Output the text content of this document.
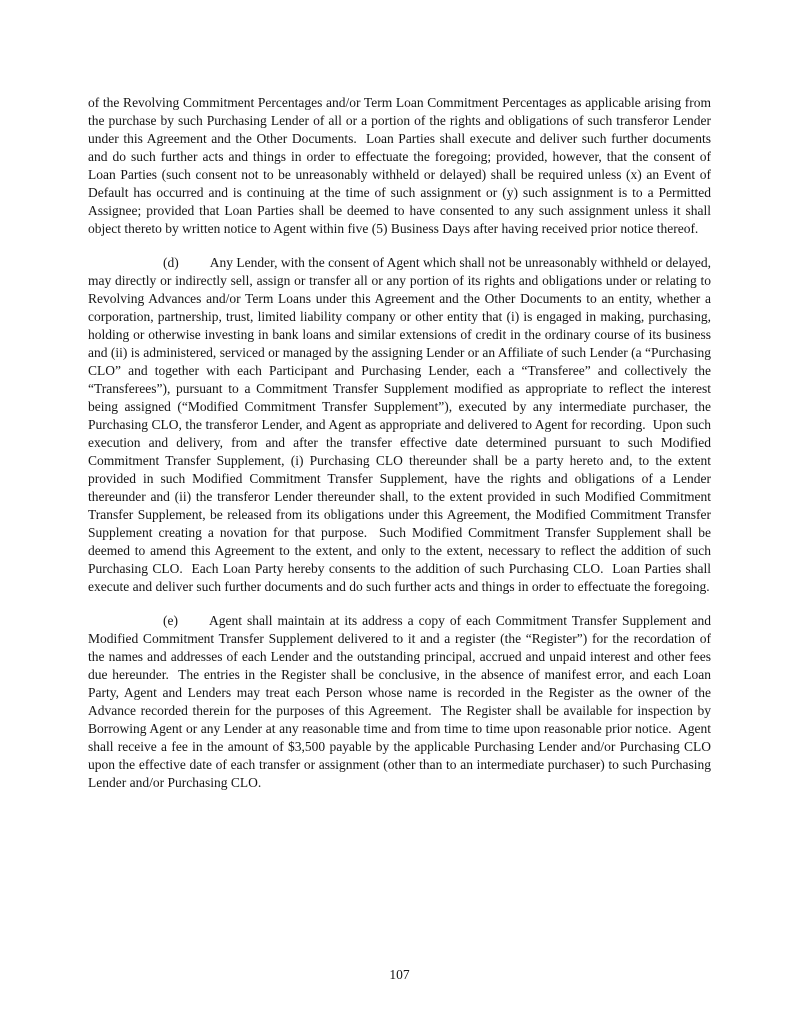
of the Revolving Commitment Percentages and/or Term Loan Commitment Percentages as applicable arising from the purchase by such Purchasing Lender of all or a portion of the rights and obligations of such transferor Lender under this Agreement and the Other Documents.  Loan Parties shall execute and deliver such further documents and do such further acts and things in order to effectuate the foregoing; provided, however, that the consent of Loan Parties (such consent not to be unreasonably withheld or delayed) shall be required unless (x) an Event of Default has occurred and is continuing at the time of such assignment or (y) such assignment is to a Permitted Assignee; provided that Loan Parties shall be deemed to have consented to any such assignment unless it shall object thereto by written notice to Agent within five (5) Business Days after having received prior notice thereof.

(d) Any Lender, with the consent of Agent which shall not be unreasonably withheld or delayed, may directly or indirectly sell, assign or transfer all or any portion of its rights and obligations under or relating to Revolving Advances and/or Term Loans under this Agreement and the Other Documents to an entity, whether a corporation, partnership, trust, limited liability company or other entity that (i) is engaged in making, purchasing, holding or otherwise investing in bank loans and similar extensions of credit in the ordinary course of its business and (ii) is administered, serviced or managed by the assigning Lender or an Affiliate of such Lender (a “Purchasing CLO” and together with each Participant and Purchasing Lender, each a “Transferee” and collectively the “Transferees”), pursuant to a Commitment Transfer Supplement modified as appropriate to reflect the interest being assigned (“Modified Commitment Transfer Supplement”), executed by any intermediate purchaser, the Purchasing CLO, the transferor Lender, and Agent as appropriate and delivered to Agent for recording.  Upon such execution and delivery, from and after the transfer effective date determined pursuant to such Modified Commitment Transfer Supplement, (i) Purchasing CLO thereunder shall be a party hereto and, to the extent provided in such Modified Commitment Transfer Supplement, have the rights and obligations of a Lender thereunder and (ii) the transferor Lender thereunder shall, to the extent provided in such Modified Commitment Transfer Supplement, be released from its obligations under this Agreement, the Modified Commitment Transfer Supplement creating a novation for that purpose.  Such Modified Commitment Transfer Supplement shall be deemed to amend this Agreement to the extent, and only to the extent, necessary to reflect the addition of such Purchasing CLO.  Each Loan Party hereby consents to the addition of such Purchasing CLO.  Loan Parties shall execute and deliver such further documents and do such further acts and things in order to effectuate the foregoing.

(e) Agent shall maintain at its address a copy of each Commitment Transfer Supplement and Modified Commitment Transfer Supplement delivered to it and a register (the “Register”) for the recordation of the names and addresses of each Lender and the outstanding principal, accrued and unpaid interest and other fees due hereunder.  The entries in the Register shall be conclusive, in the absence of manifest error, and each Loan Party, Agent and Lenders may treat each Person whose name is recorded in the Register as the owner of the Advance recorded therein for the purposes of this Agreement.  The Register shall be available for inspection by Borrowing Agent or any Lender at any reasonable time and from time to time upon reasonable prior notice.  Agent shall receive a fee in the amount of $3,500 payable by the applicable Purchasing Lender and/or Purchasing CLO upon the effective date of each transfer or assignment (other than to an intermediate purchaser) to such Purchasing Lender and/or Purchasing CLO.

107
